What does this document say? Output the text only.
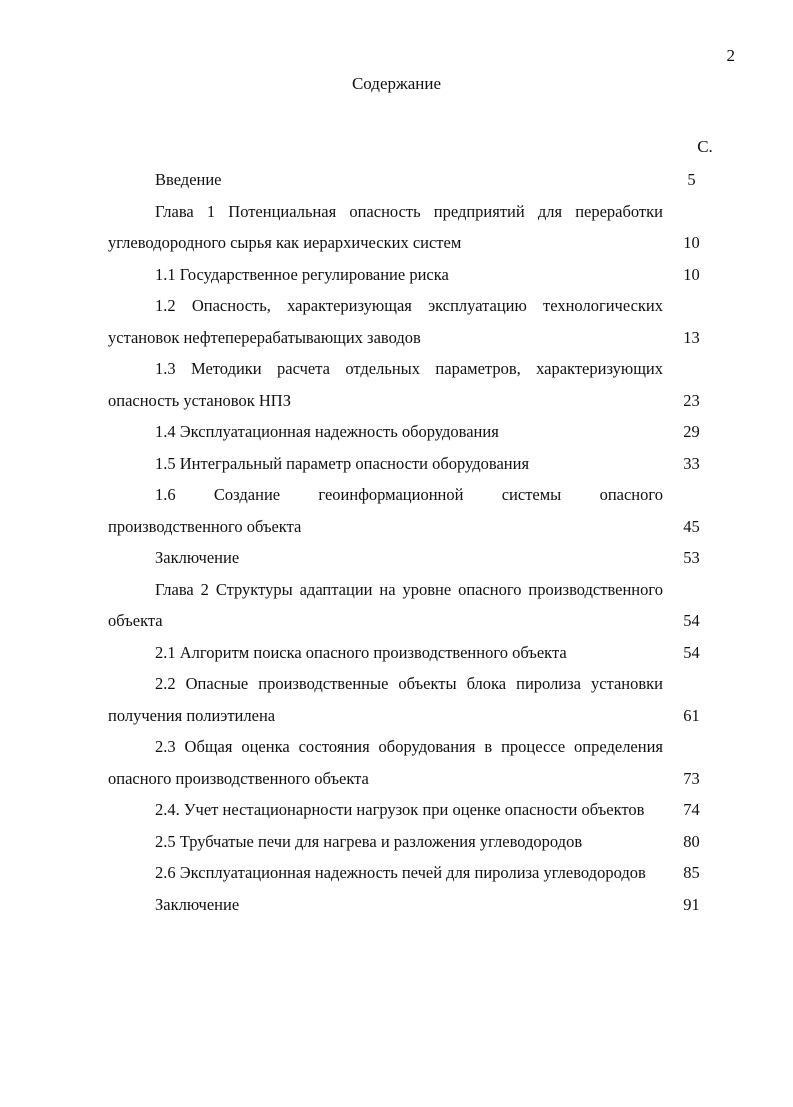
2
Содержание
С.
Введение	5
Глава 1 Потенциальная опасность предприятий для переработки углеводородного сырья как иерархических систем	10
1.1 Государственное регулирование риска	10
1.2 Опасность, характеризующая эксплуатацию технологических установок нефтеперерабатывающих заводов	13
1.3 Методики расчета отдельных параметров, характеризующих опасность установок НПЗ	23
1.4 Эксплуатационная надежность оборудования	29
1.5 Интегральный параметр опасности оборудования	33
1.6 Создание геоинформационной системы опасного производственного объекта	45
Заключение	53
Глава 2 Структуры адаптации на уровне опасного производственного объекта	54
2.1 Алгоритм поиска опасного производственного объекта	54
2.2 Опасные производственные объекты блока пиролиза установки получения полиэтилена	61
2.3 Общая оценка состояния оборудования в процессе определения опасного производственного объекта	73
2.4. Учет нестационарности нагрузок при оценке опасности объектов	74
2.5 Трубчатые печи для нагрева и разложения углеводородов	80
2.6 Эксплуатационная надежность печей для пиролиза углеводородов	85
Заключение	91
